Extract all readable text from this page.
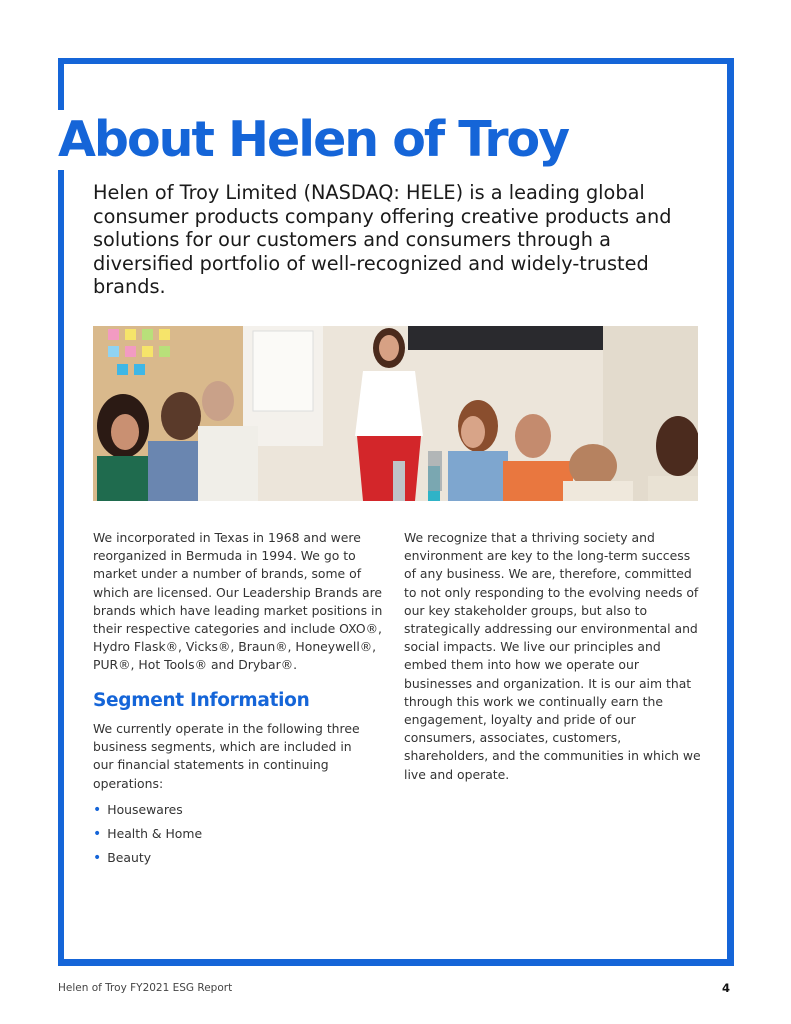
About Helen of Troy

Helen of Troy Limited (NASDAQ: HELE) is a leading global consumer products company offering creative products and solutions for our customers and consumers through a diversified portfolio of well-recognized and widely-trusted brands.

We incorporated in Texas in 1968 and were reorganized in Bermuda in 1994. We go to market under a number of brands, some of which are licensed. Our Leadership Brands are brands which have leading market positions in their respective categories and include OXO®, Hydro Flask®, Vicks®, Braun®, Honeywell®, PUR®, Hot Tools® and Drybar®.

Segment Information

We currently operate in the following three business segments, which are included in our financial statements in continuing operations:

• Housewares
• Health & Home
• Beauty

We recognize that a thriving society and environment are key to the long-term success of any business. We are, therefore, committed to not only responding to the evolving needs of our key stakeholder groups, but also to strategically addressing our environmental and social impacts. We live our principles and embed them into how we operate our businesses and organization. It is our aim that through this work we continually earn the engagement, loyalty and pride of our consumers, associates, customers, shareholders, and the communities in which we live and operate.

Helen of Troy FY2021 ESG Report	4
